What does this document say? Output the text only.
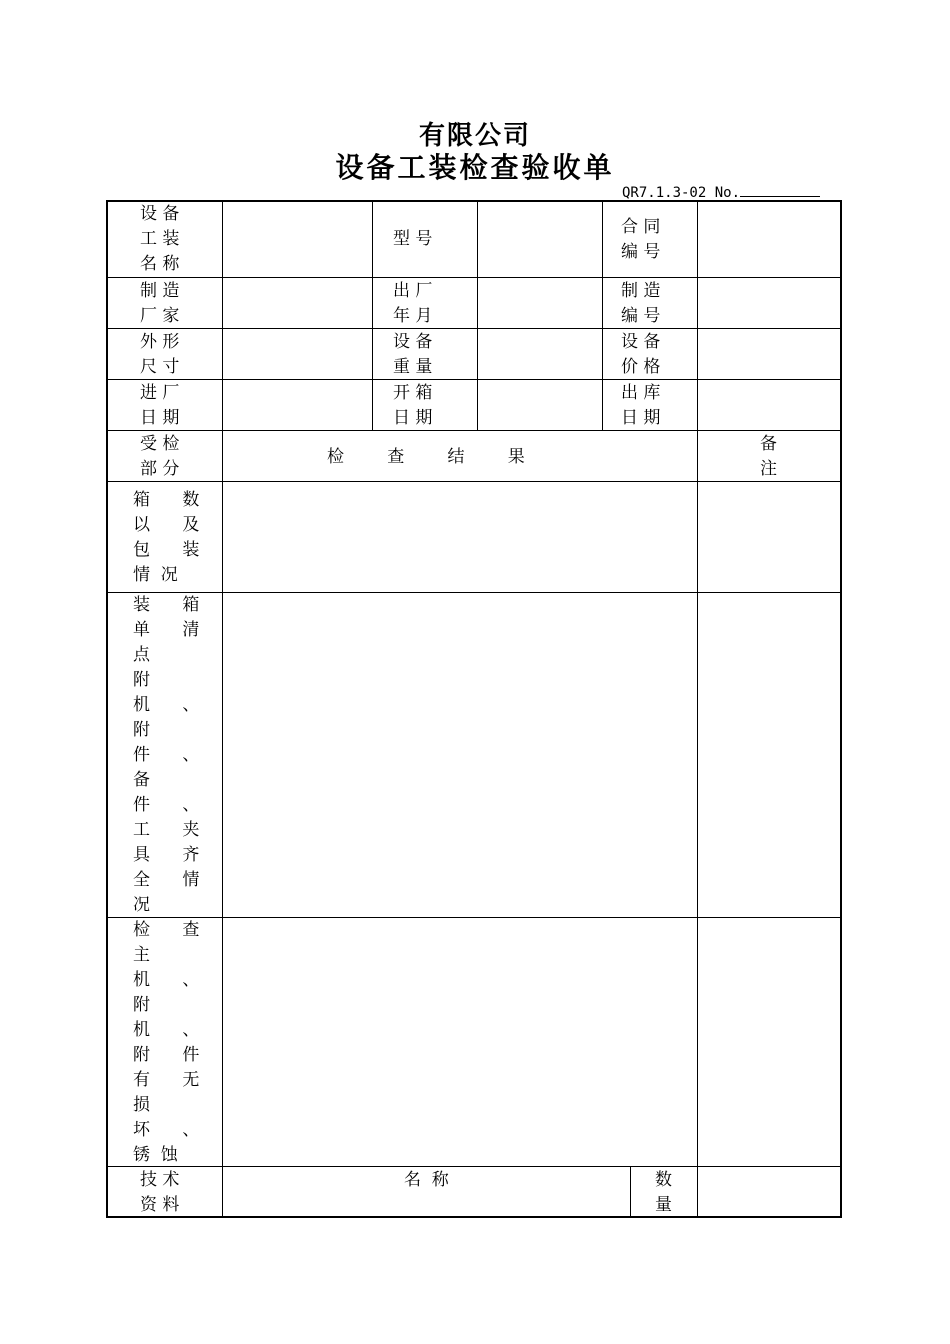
有限公司
设备工装检查验收单
QR7.1.3-02 No.
设 备
工 装
名 称
型 号
合 同
编 号
制 造
厂 家
出 厂
年 月
制 造
编 号
外 形
尺 寸
设 备
重 量
设 备
价 格
进 厂
日 期
开 箱
日 期
出 库
日 期
受 检
部 分
检        查        结        果
备
注
箱      数
以      及
包      装
情  况
装      箱
单      清
点
附
机      、
附
件      、
备
件      、
工      夹
具      齐
全      情
况
检      查
主
机      、
附
机      、
附      件
有      无
损
坏      、
锈  蚀
技 术
资 料
名  称	数
量
